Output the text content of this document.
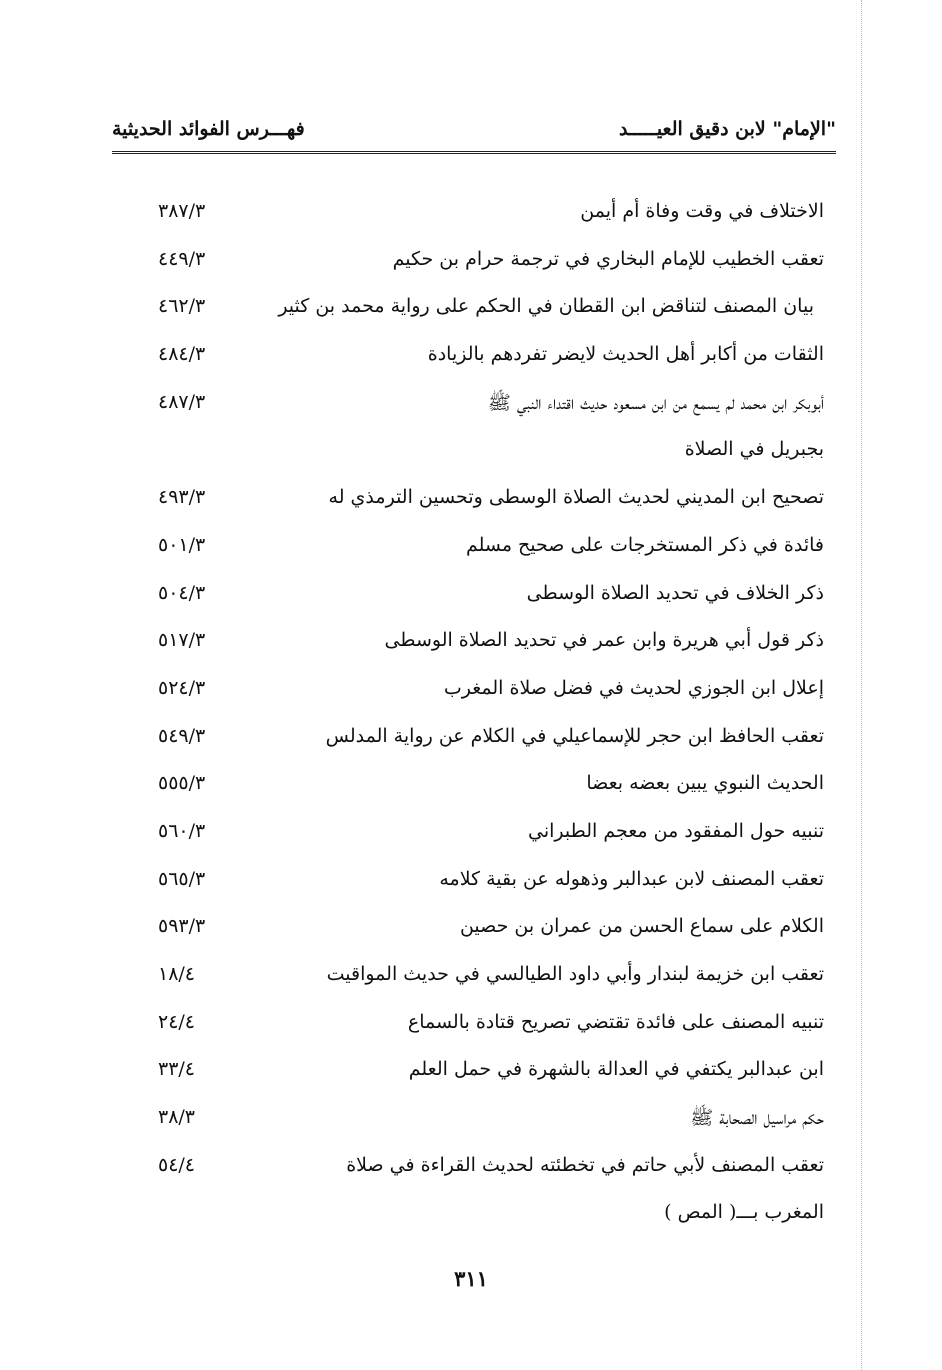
"الإمام" لابن دقيق العيـــــد
فهـــرس الفوائد الحديثية
الاختلاف في وقت وفاة أم أيمن
٣٨٧/٣
تعقب الخطيب للإمام البخاري في ترجمة حرام بن حكيم
٤٤٩/٣
بيان المصنف لتناقض ابن القطان في الحكم على رواية محمد بن كثير
٤٦٢/٣
الثقات من أكابر أهل الحديث لايضر تفردهم بالزيادة
٤٨٤/٣
أبوبكر ابن محمد لم يسمع من ابن مسعود حديث اقتداء النبي ﷺ
٤٨٧/٣
بجبريل في الصلاة
تصحيح ابن المديني لحديث الصلاة الوسطى وتحسين الترمذي له
٤٩٣/٣
فائدة في ذكر المستخرجات على صحيح مسلم
٥٠١/٣
ذكر الخلاف في تحديد الصلاة الوسطى
٥٠٤/٣
ذكر قول أبي هريرة وابن عمر في تحديد الصلاة الوسطى
٥١٧/٣
إعلال ابن الجوزي لحديث في فضل صلاة المغرب
٥٢٤/٣
تعقب الحافظ ابن حجر للإسماعيلي في الكلام عن رواية المدلس
٥٤٩/٣
الحديث النبوي يبين بعضه بعضا
٥٥٥/٣
تنبيه حول المفقود من معجم الطبراني
٥٦٠/٣
تعقب المصنف لابن عبدالبر وذهوله عن بقية كلامه
٥٦٥/٣
الكلام على سماع الحسن من عمران بن حصين
٥٩٣/٣
تعقب ابن خزيمة لبندار وأبي داود الطيالسي في حديث المواقيت
١٨/٤
تنبيه المصنف على فائدة تقتضي تصريح قتادة بالسماع
٢٤/٤
ابن عبدالبر يكتفي في العدالة بالشهرة في حمل العلم
٣٣/٤
حكم مراسيل الصحابة ﷺ
٣٨/٣
تعقب المصنف لأبي حاتم في تخطئته لحديث القراءة في صلاة
٥٤/٤
المغرب بـــ( المص )
٣١١
